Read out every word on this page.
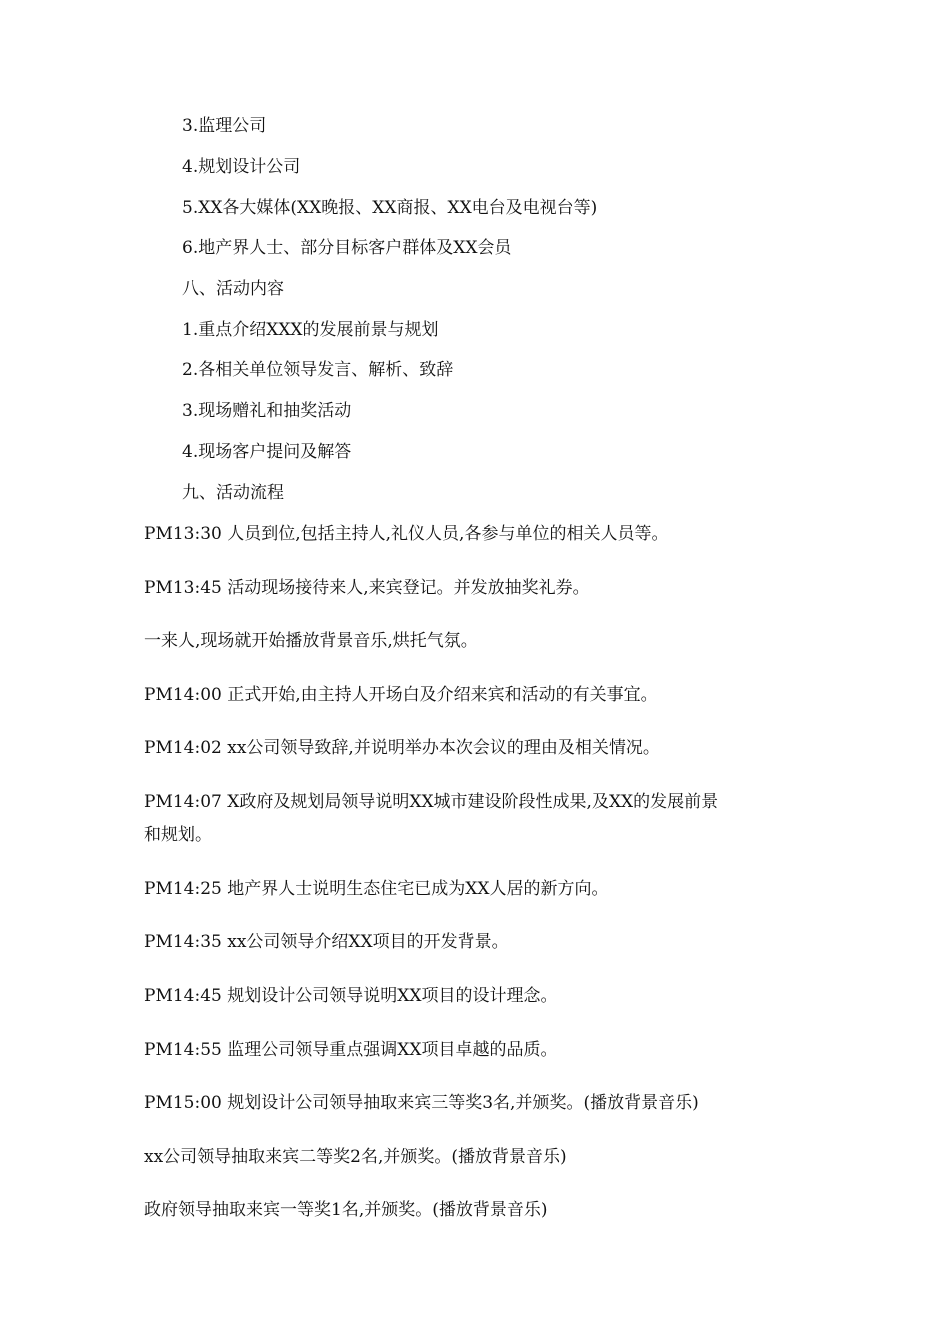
3.监理公司
4.规划设计公司
5.XX各大媒体(XX晚报、XX商报、XX电台及电视台等)
6.地产界人士、部分目标客户群体及XX会员
八、活动内容
1.重点介绍XXX的发展前景与规划
2.各相关单位领导发言、解析、致辞
3.现场赠礼和抽奖活动
4.现场客户提问及解答
九、活动流程
PM13:30 人员到位,包括主持人,礼仪人员,各参与单位的相关人员等。
PM13:45 活动现场接待来人,来宾登记。并发放抽奖礼券。
一来人,现场就开始播放背景音乐,烘托气氛。
PM14:00 正式开始,由主持人开场白及介绍来宾和活动的有关事宜。
PM14:02 xx公司领导致辞,并说明举办本次会议的理由及相关情况。
PM14:07 X政府及规划局领导说明XX城市建设阶段性成果,及XX的发展前景
和规划。
PM14:25 地产界人士说明生态住宅已成为XX人居的新方向。
PM14:35 xx公司领导介绍XX项目的开发背景。
PM14:45 规划设计公司领导说明XX项目的设计理念。
PM14:55 监理公司领导重点强调XX项目卓越的品质。
PM15:00 规划设计公司领导抽取来宾三等奖3名,并颁奖。(播放背景音乐)
xx公司领导抽取来宾二等奖2名,并颁奖。(播放背景音乐)
政府领导抽取来宾一等奖1名,并颁奖。(播放背景音乐)
